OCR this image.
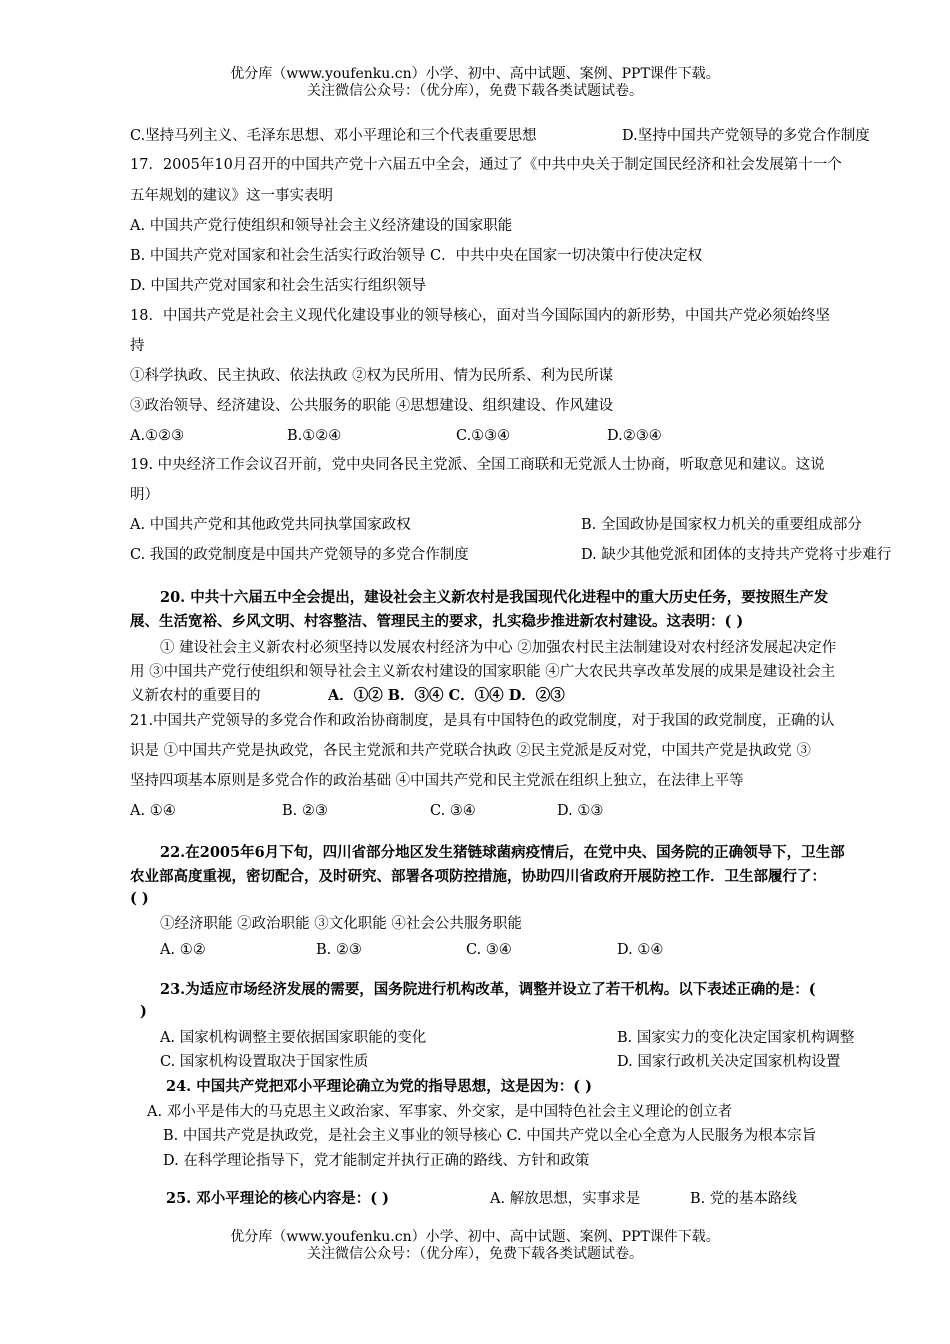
优分库（www.youfenku.cn）小学、初中、高中试题、案例、PPT课件下载。
关注微信公众号：（优分库），免费下载各类试题试卷。
C.坚持马列主义、毛泽东思想、邓小平理论和三个代表重要思想	D.坚持中国共产党领导的多党合作制度
17．2005年10月召开的中国共产党十六届五中全会，通过了《中共中央关于制定国民经济和社会发展第十一个
五年规划的建议》这一事实表明
A. 中国共产党行使组织和领导社会主义经济建设的国家职能
B. 中国共产党对国家和社会生活实行政治领导 C．中共中央在国家一切决策中行使决定权
D. 中国共产党对国家和社会生活实行组织领导
18．中国共产党是社会主义现代化建设事业的领导核心，面对当今国际国内的新形势，中国共产党必须始终坚
持
①科学执政、民主执政、依法执政 ②权为民所用、情为民所系、利为民所谋
③政治领导、经济建设、公共服务的职能 ④思想建设、组织建设、作风建设
A.①②③	B.①②④	C.①③④	D.②③④
19. 中央经济工作会议召开前，党中央同各民主党派、全国工商联和无党派人士协商，听取意见和建议。这说
明）
A. 中国共产党和其他政党共同执掌国家政权	B. 全国政协是国家权力机关的重要组成部分
C. 我国的政党制度是中国共产党领导的多党合作制度	D. 缺少其他党派和团体的支持共产党将寸步难行
20. 中共十六届五中全会提出，建设社会主义新农村是我国现代化进程中的重大历史任务，要按照生产发
展、生活宽裕、乡风文明、村容整洁、管理民主的要求，扎实稳步推进新农村建设。这表明：( )
① 建设社会主义新农村必须坚持以发展农村经济为中心 ②加强农村民主法制建设对农村经济发展起决定作
用 ③中国共产党行使组织和领导社会主义新农村建设的国家职能 ④广大农民共享改革发展的成果是建设社会主
义新农村的重要目的	A．①② B．③④ C．①④ D．②③
21.中国共产党领导的多党合作和政治协商制度，是具有中国特色的政党制度，对于我国的政党制度，正确的认
识是 ①中国共产党是执政党，各民主党派和共产党联合执政 ②民主党派是反对党，中国共产党是执政党 ③
坚持四项基本原则是多党合作的政治基础 ④中国共产党和民主党派在组织上独立，在法律上平等
A. ①④	B. ②③	C. ③④	D. ①③
22.在2005年6月下旬，四川省部分地区发生猪链球菌病疫情后，在党中央、国务院的正确领导下，卫生部
农业部高度重视，密切配合，及时研究、部署各项防控措施，协助四川省政府开展防控工作．卫生部履行了：
( )
①经济职能 ②政治职能 ③文化职能 ④社会公共服务职能
A. ①②	B. ②③	C. ③④	D. ①④
23.为适应市场经济发展的需要，国务院进行机构改革，调整并设立了若干机构。以下表述正确的是：(
)
A. 国家机构调整主要依据国家职能的变化	B. 国家实力的变化决定国家机构调整
C. 国家机构设置取决于国家性质	D. 国家行政机关决定国家机构设置
24. 中国共产党把邓小平理论确立为党的指导思想，这是因为：( )
A. 邓小平是伟大的马克思主义政治家、军事家、外交家，是中国特色社会主义理论的创立者
B. 中国共产党是执政党，是社会主义事业的领导核心 C. 中国共产党以全心全意为人民服务为根本宗旨
D. 在科学理论指导下，党才能制定并执行正确的路线、方针和政策
25. 邓小平理论的核心内容是：( )	A. 解放思想，实事求是	B. 党的基本路线
优分库（www.youfenku.cn）小学、初中、高中试题、案例、PPT课件下载。
关注微信公众号：（优分库），免费下载各类试题试卷。
